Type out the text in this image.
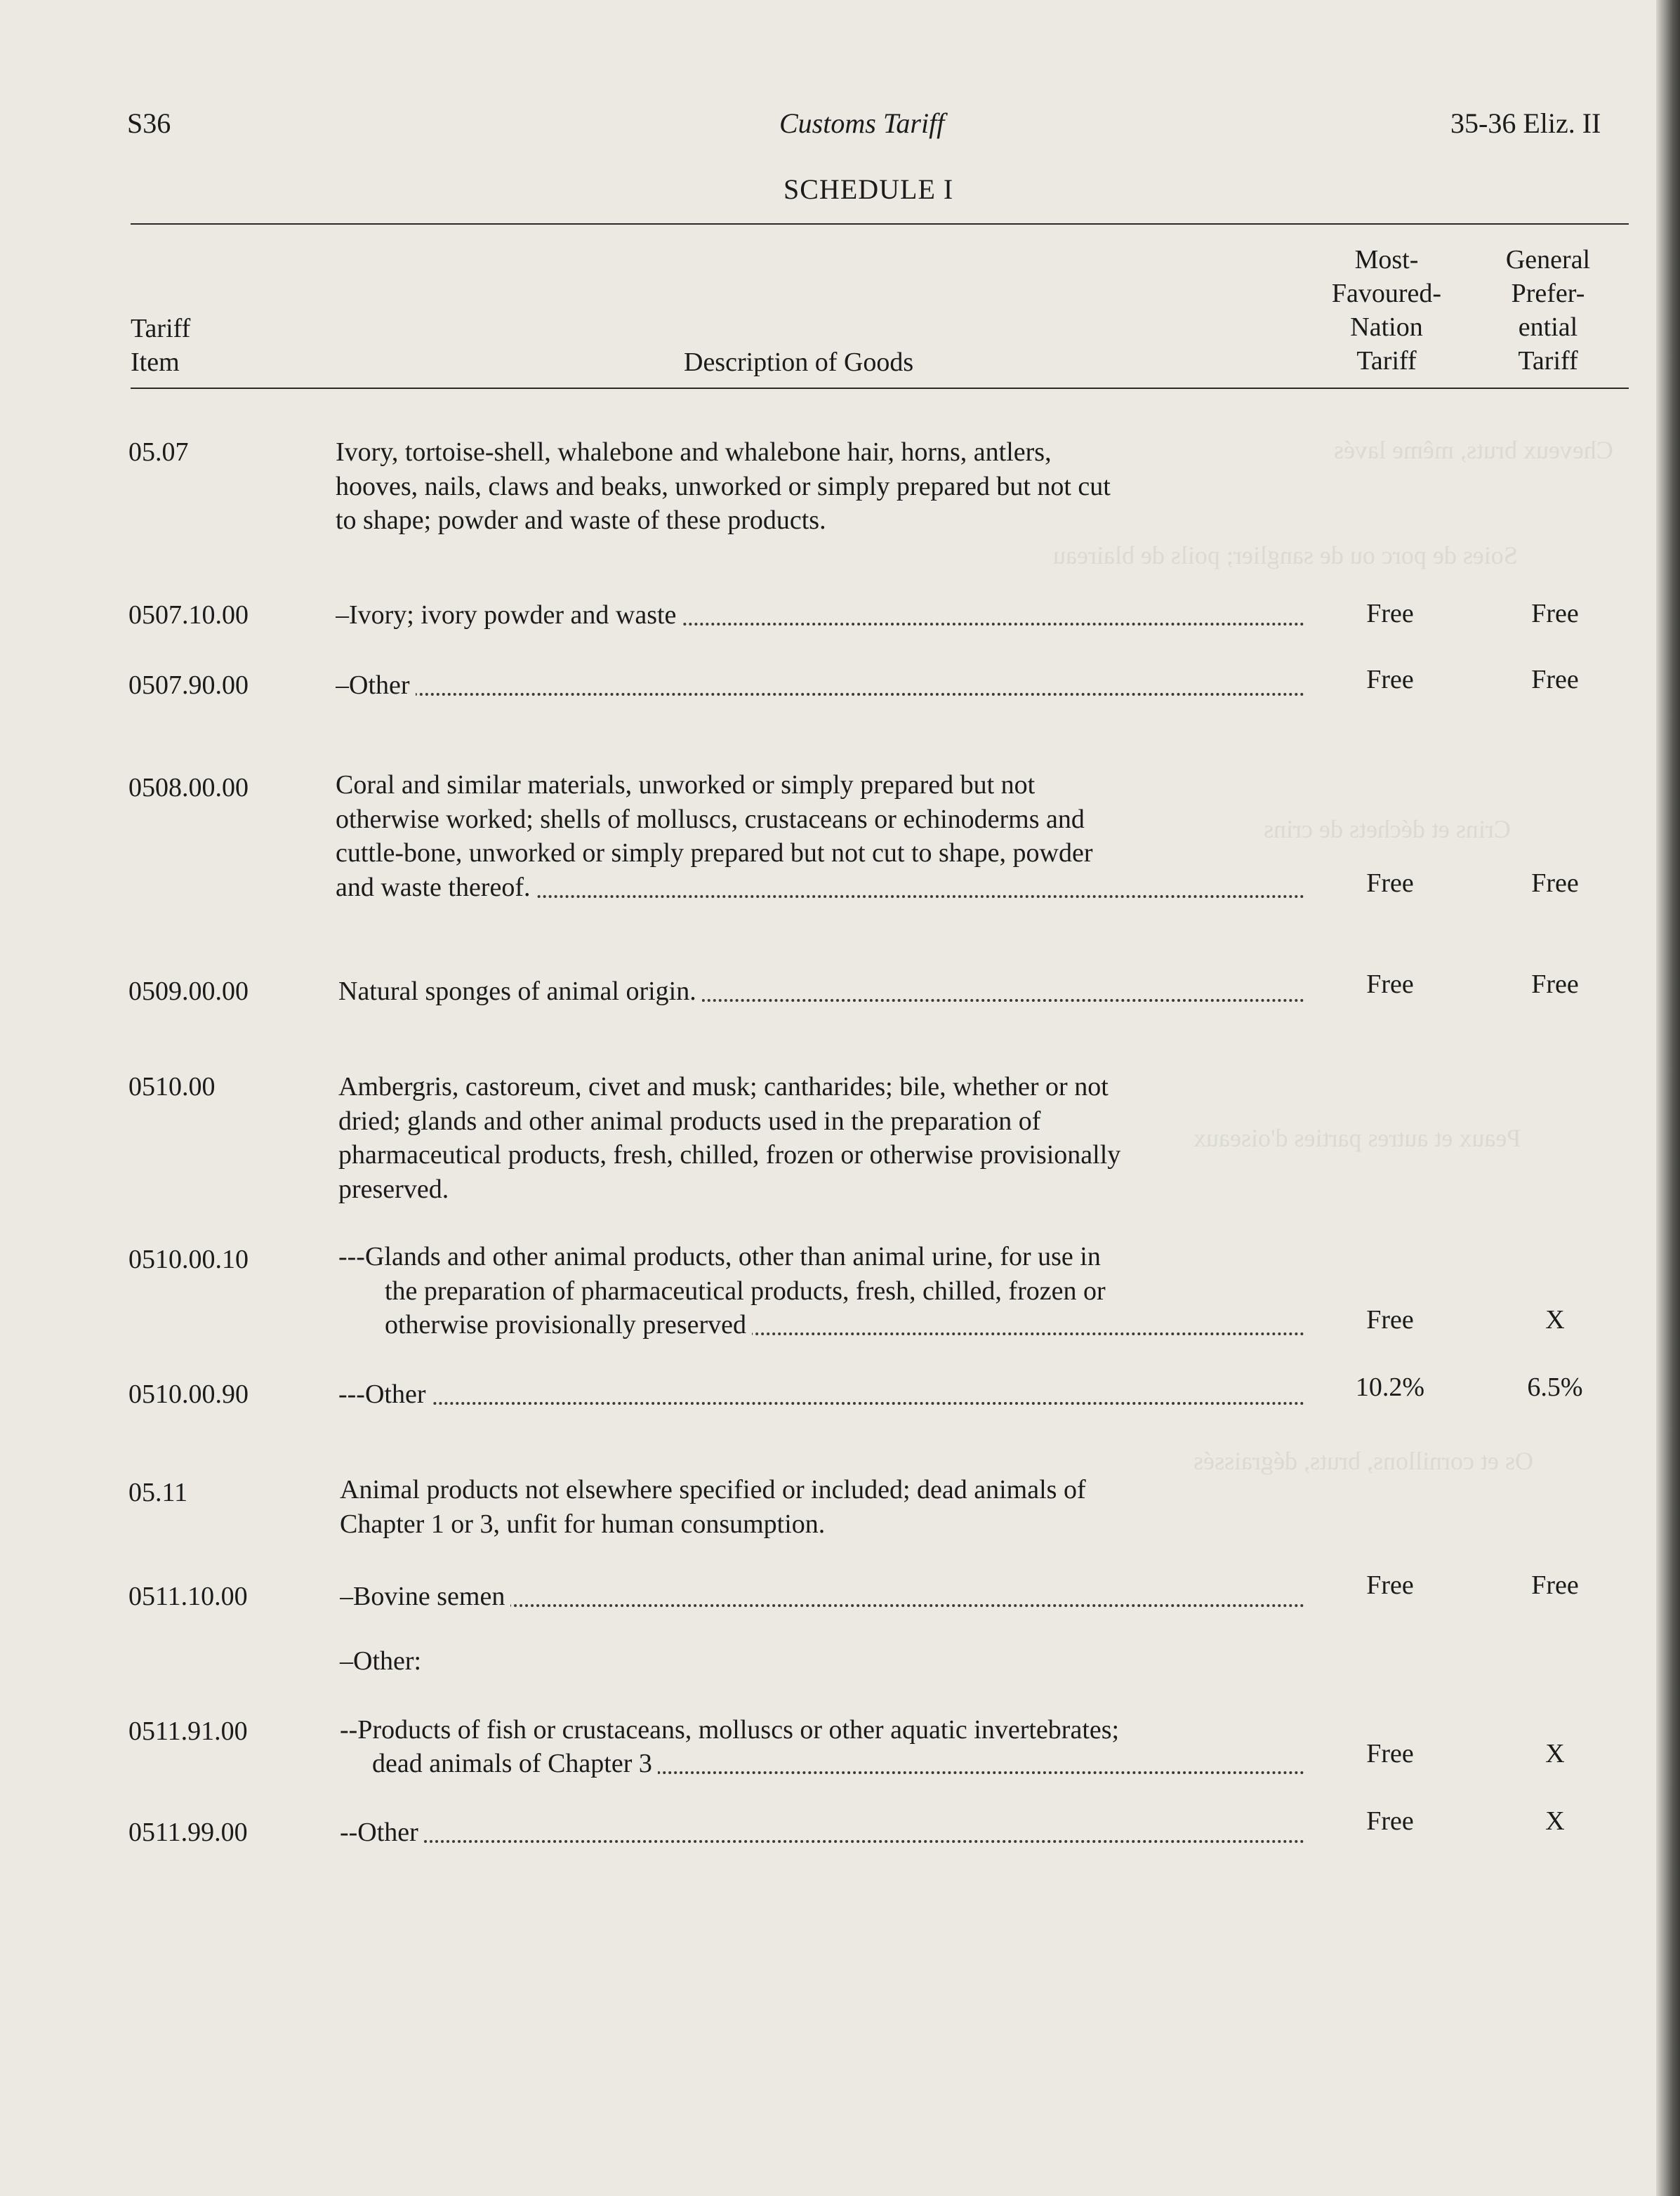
Cheveux bruts, même lavés
Soies de porc ou de sanglier; poils de blaireau
Crins et déchets de crins
Peaux et autres parties d'oiseaux
Os et cornillons, bruts, dégraissés
S36	Customs Tariff	35-36 Eliz. II
SCHEDULE I
Tariff
Item	Description of Goods
Most-
Favoured-
Nation
Tariff
General
Prefer-
ential
Tariff
05.07	Ivory, tortoise-shell, whalebone and whalebone hair, horns, antlers,
hooves, nails, claws and beaks, unworked or simply prepared but not cut
to shape; powder and waste of these products.
0507.10.00	–Ivory; ivory powder and waste	Free	Free
0507.90.00	–Other	Free	Free
0508.00.00	Coral and similar materials, unworked or simply prepared but not
otherwise worked; shells of molluscs, crustaceans or echinoderms and
cuttle-bone, unworked or simply prepared but not cut to shape, powder
and waste thereof.	Free	Free
0509.00.00	Natural sponges of animal origin.	Free	Free
0510.00	Ambergris, castoreum, civet and musk; cantharides; bile, whether or not
dried; glands and other animal products used in the preparation of
pharmaceutical products, fresh, chilled, frozen or otherwise provisionally
preserved.
0510.00.10	---Glands and other animal products, other than animal urine, for use in
the preparation of pharmaceutical products, fresh, chilled, frozen or
otherwise provisionally preserved	Free	X
0510.00.90	---Other	10.2%	6.5%
05.11	Animal products not elsewhere specified or included; dead animals of
Chapter 1 or 3, unfit for human consumption.
0511.10.00	–Bovine semen	Free	Free
–Other:
0511.91.00	--Products of fish or crustaceans, molluscs or other aquatic invertebrates;
dead animals of Chapter 3	Free	X
0511.99.00	--Other	Free	X
